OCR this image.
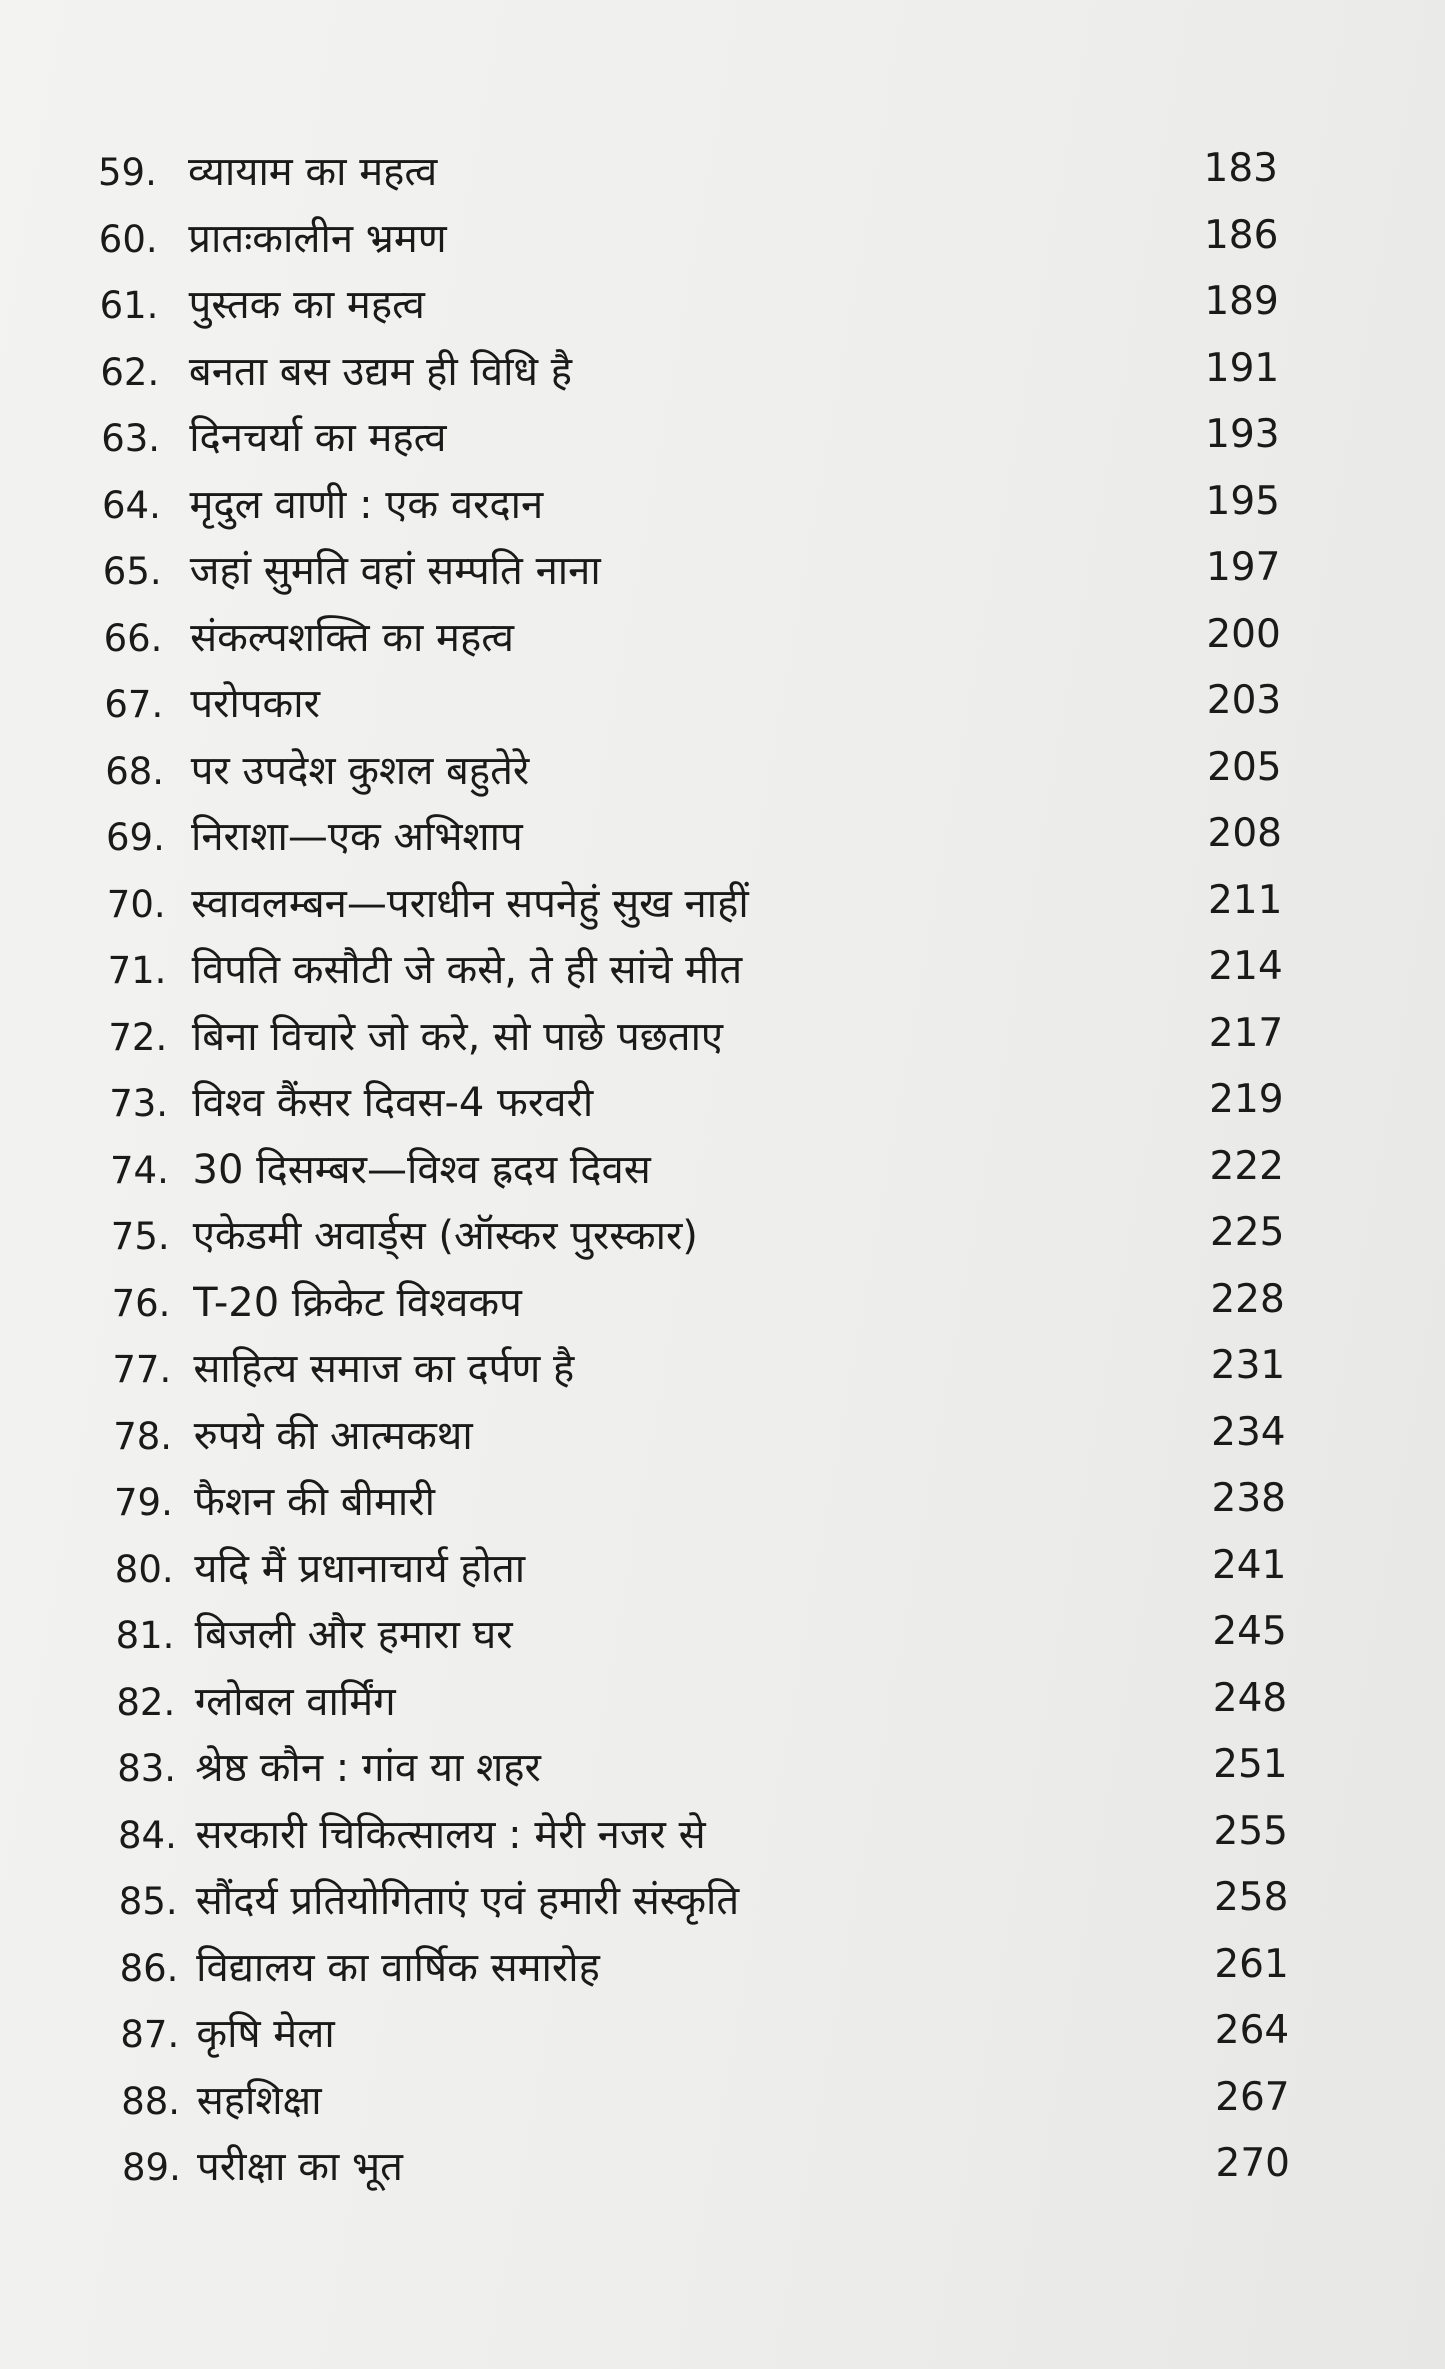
59. व्यायाम का महत्व	183
60. प्रातःकालीन भ्रमण	186
61. पुस्तक का महत्व	189
62. बनता बस उद्यम ही विधि है	191
63. दिनचर्या का महत्व	193
64. मृदुल वाणी : एक वरदान	195
65. जहां सुमति वहां सम्पति नाना	197
66. संकल्पशक्ति का महत्व	200
67. परोपकार	203
68. पर उपदेश कुशल बहुतेरे	205
69. निराशा—एक अभिशाप	208
70. स्वावलम्बन—पराधीन सपनेहुं सुख नाहीं	211
71. विपति कसौटी जे कसे, ते ही सांचे मीत	214
72. बिना विचारे जो करे, सो पाछे पछताए	217
73. विश्व कैंसर दिवस-4 फरवरी	219
74. 30 दिसम्बर—विश्व ह्रदय दिवस	222
75. एकेडमी अवार्ड्स (ऑस्कर पुरस्कार)	225
76. T-20 क्रिकेट विश्वकप	228
77. साहित्य समाज का दर्पण है	231
78. रुपये की आत्मकथा	234
79. फैशन की बीमारी	238
80. यदि मैं प्रधानाचार्य होता	241
81. बिजली और हमारा घर	245
82. ग्लोबल वार्मिंग	248
83. श्रेष्ठ कौन : गांव या शहर	251
84. सरकारी चिकित्सालय : मेरी नजर से	255
85. सौंदर्य प्रतियोगिताएं एवं हमारी संस्कृति	258
86. विद्यालय का वार्षिक समारोह	261
87. कृषि मेला	264
88. सहशिक्षा	267
89. परीक्षा का भूत	270
